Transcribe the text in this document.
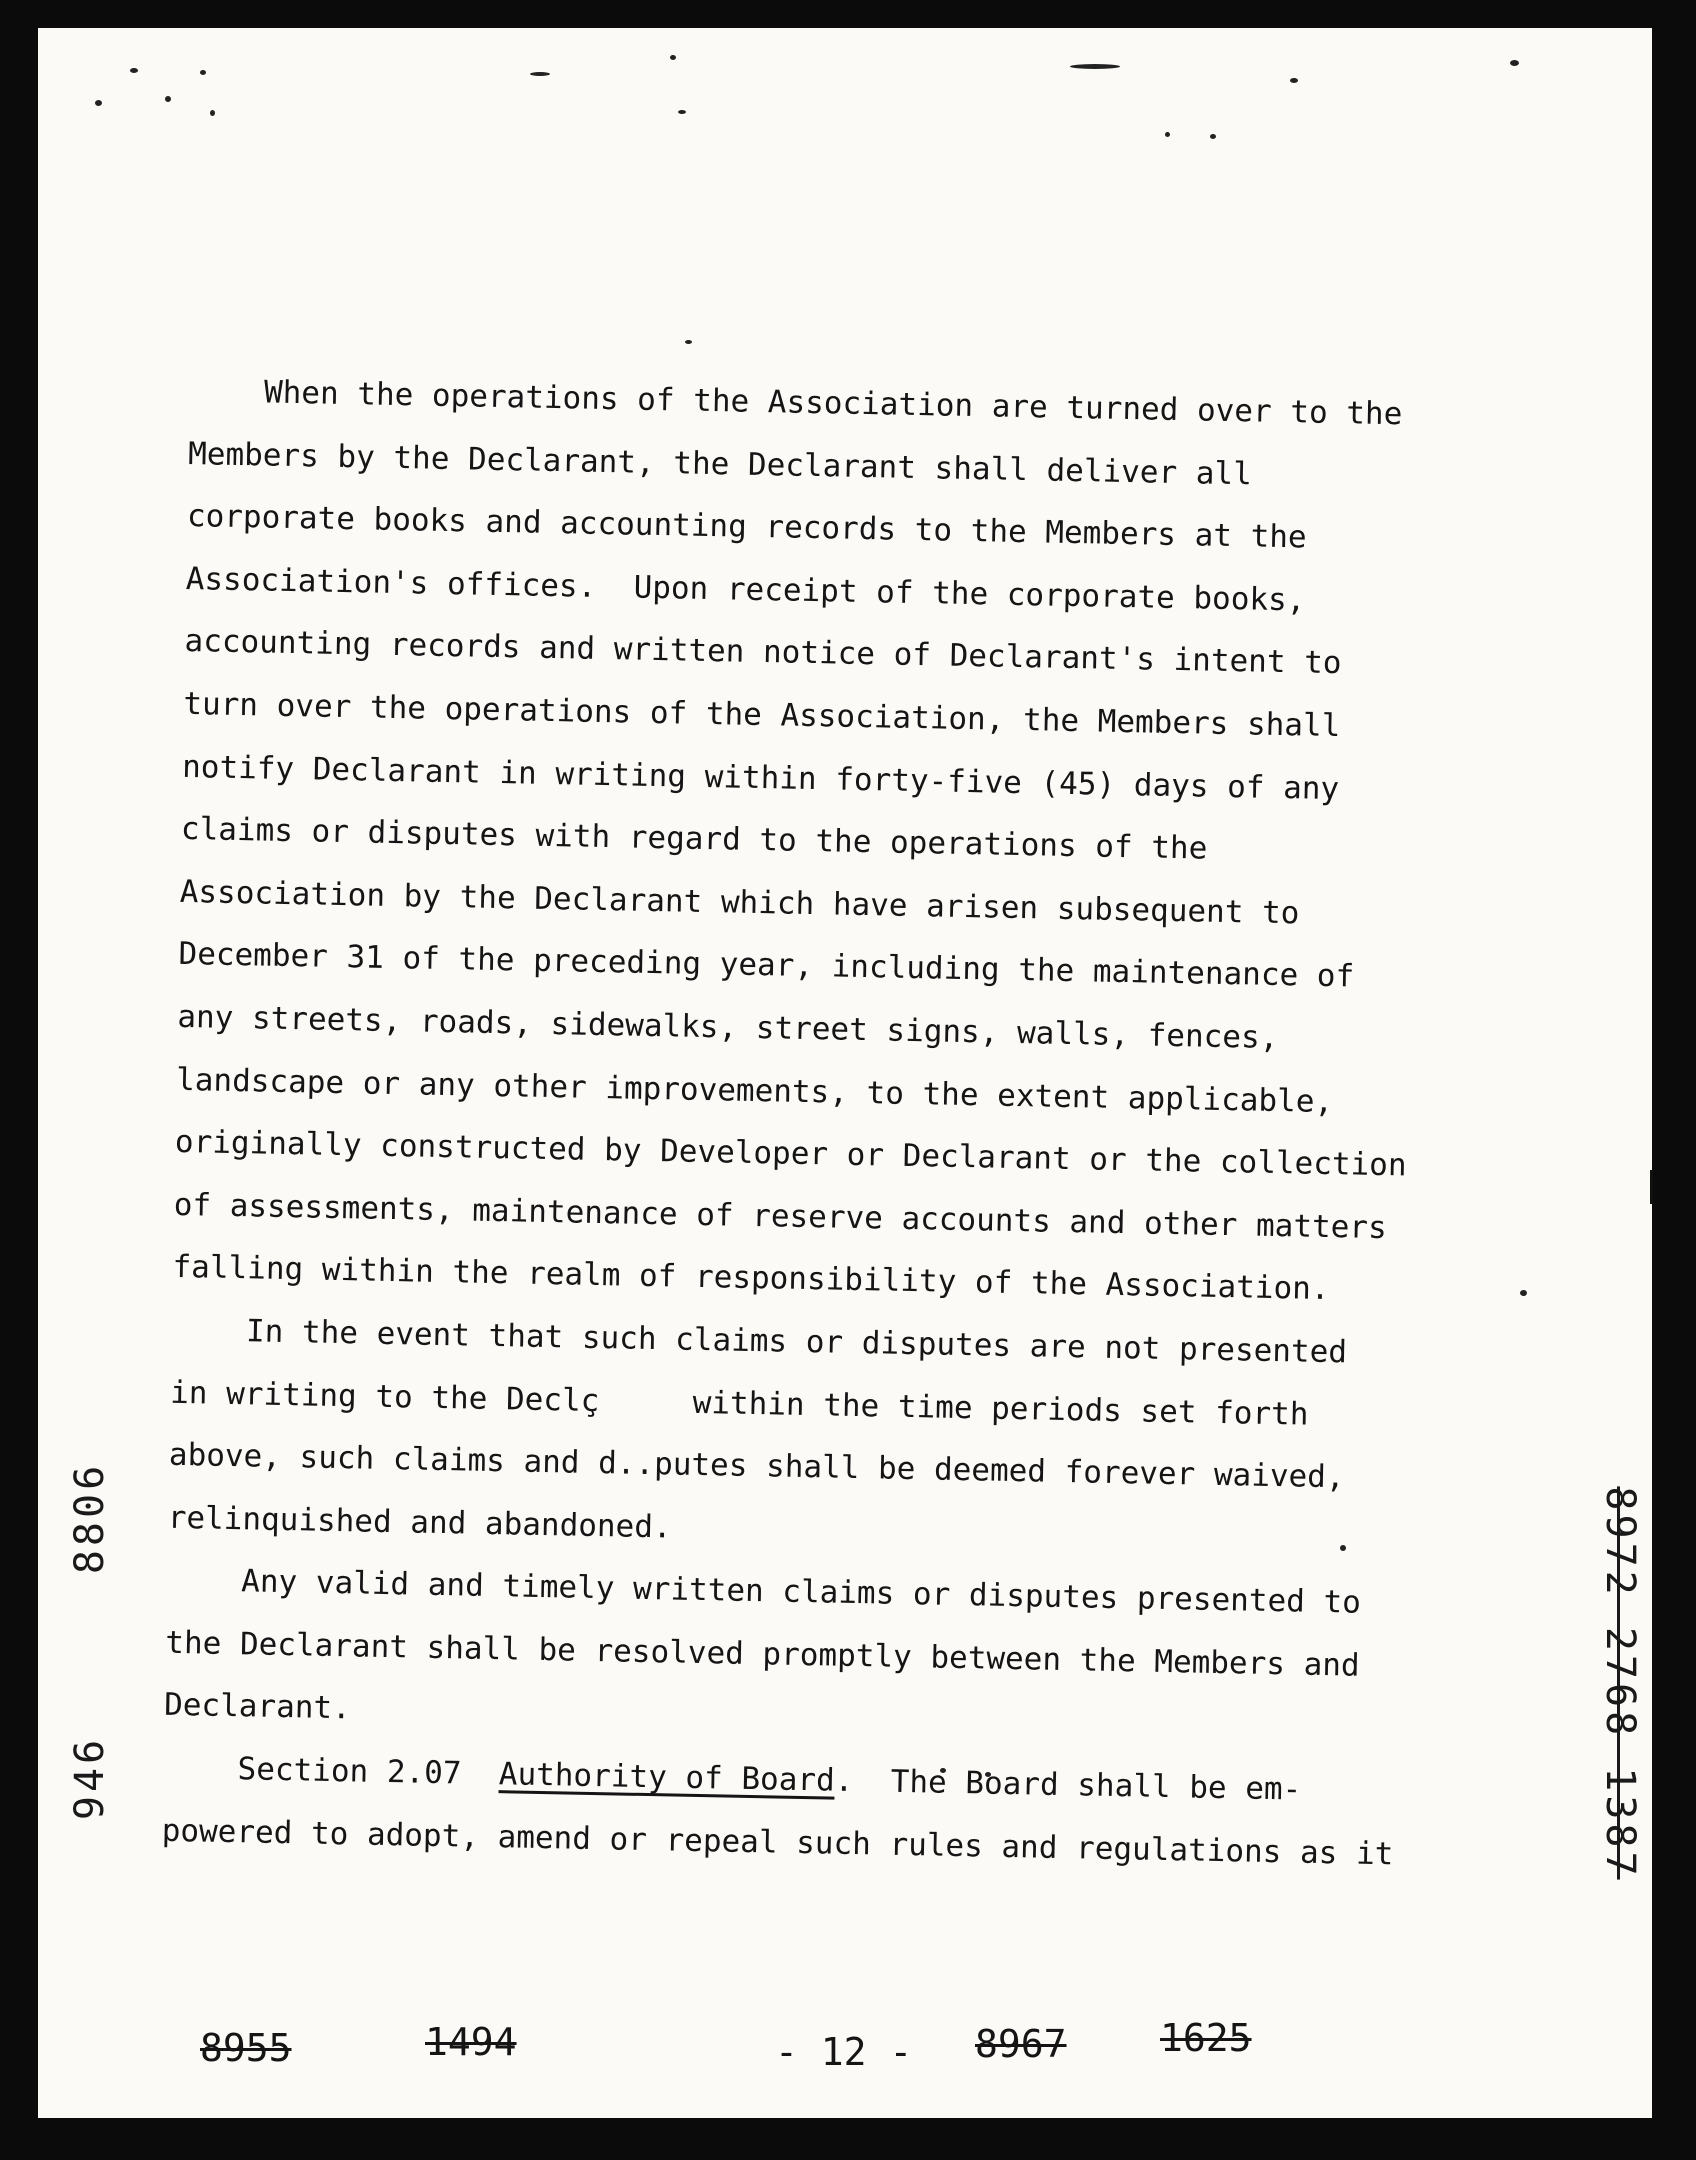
When the operations of the Association are turned over to the
Members by the Declarant, the Declarant shall deliver all
corporate books and accounting records to the Members at the
Association's offices.  Upon receipt of the corporate books,
accounting records and written notice of Declarant's intent to
turn over the operations of the Association, the Members shall
notify Declarant in writing within forty-five (45) days of any
claims or disputes with regard to the operations of the
Association by the Declarant which have arisen subsequent to
December 31 of the preceding year, including the maintenance of
any streets, roads, sidewalks, street signs, walls, fences,
landscape or any other improvements, to the extent applicable,
originally constructed by Developer or Declarant or the collection
of assessments, maintenance of reserve accounts and other matters
falling within the realm of responsibility of the Association.
In the event that such claims or disputes are not presented
in writing to the Declç     within the time periods set forth
above, such claims and d..putes shall be deemed forever waived,
relinquished and abandoned.
Any valid and timely written claims or disputes presented to
the Declarant shall be resolved promptly between the Members and
Declarant.
Section 2.07  Authority of Board.  The Board shall be em-
powered to adopt, amend or repeal such rules and regulations as it
8806
946	8972 2768 1387
8955	1494	- 12 - 8967 1625
